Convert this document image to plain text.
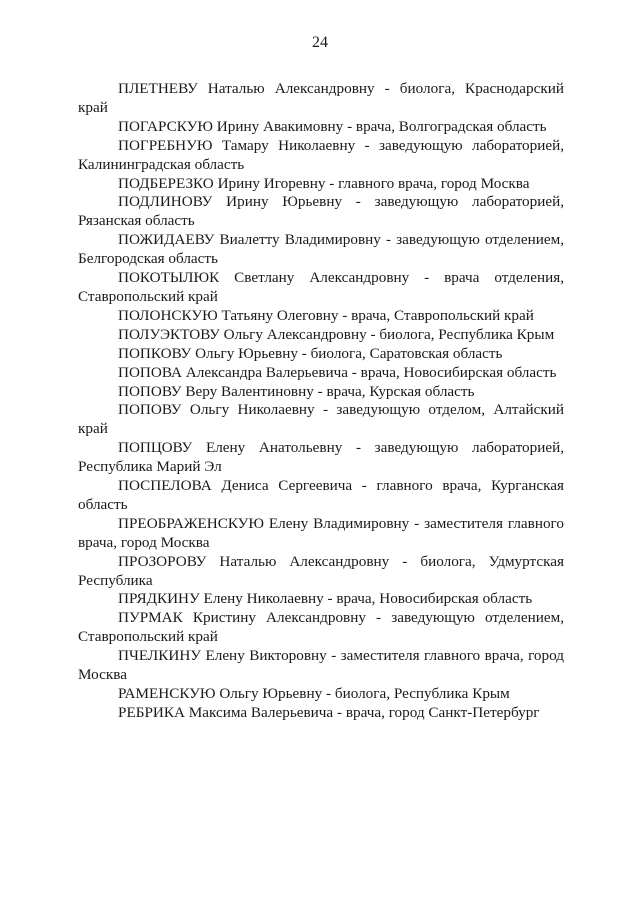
24

ПЛЕТНЕВУ Наталью Александровну - биолога, Краснодарский край

ПОГАРСКУЮ Ирину Авакимовну - врача, Волгоградская область

ПОГРЕБНУЮ Тамару Николаевну - заведующую лабораторией, Калининградская область

ПОДБЕРЕЗКО Ирину Игоревну - главного врача, город Москва

ПОДЛИНОВУ Ирину Юрьевну - заведующую лабораторией, Рязанская область

ПОЖИДАЕВУ Виалетту Владимировну - заведующую отделением, Белгородская область

ПОКОТЫЛЮК Светлану Александровну - врача отделения, Ставропольский край

ПОЛОНСКУЮ Татьяну Олеговну - врача, Ставропольский край

ПОЛУЭКТОВУ Ольгу Александровну - биолога, Республика Крым

ПОПКОВУ Ольгу Юрьевну - биолога, Саратовская область

ПОПОВА Александра Валерьевича - врача, Новосибирская область

ПОПОВУ Веру Валентиновну - врача, Курская область

ПОПОВУ Ольгу Николаевну - заведующую отделом, Алтайский край

ПОПЦОВУ Елену Анатольевну - заведующую лабораторией, Республика Марий Эл

ПОСПЕЛОВА Дениса Сергеевича - главного врача, Курганская область

ПРЕОБРАЖЕНСКУЮ Елену Владимировну - заместителя главного врача, город Москва

ПРОЗОРОВУ Наталью Александровну - биолога, Удмуртская Республика

ПРЯДКИНУ Елену Николаевну - врача, Новосибирская область

ПУРМАК Кристину Александровну - заведующую отделением, Ставропольский край

ПЧЕЛКИНУ Елену Викторовну - заместителя главного врача, город Москва

РАМЕНСКУЮ Ольгу Юрьевну - биолога, Республика Крым

РЕБРИКА Максима Валерьевича - врача, город Санкт-Петербург
